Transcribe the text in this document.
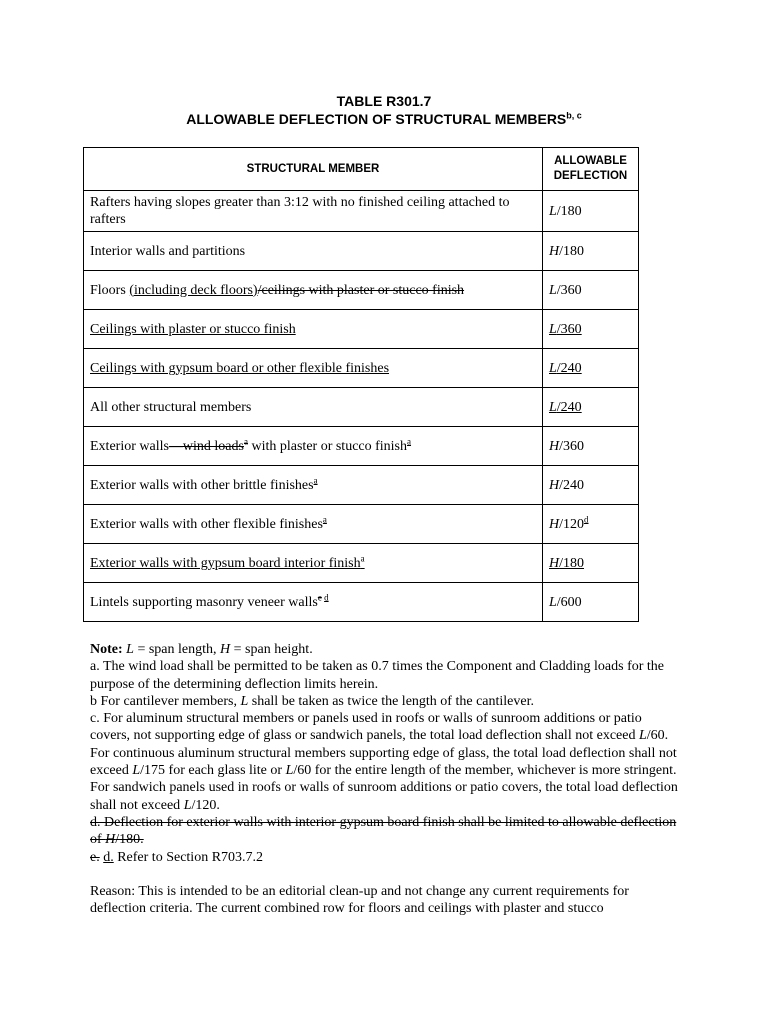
TABLE R301.7
ALLOWABLE DEFLECTION OF STRUCTURAL MEMBERS$^{b, c}$
STRUCTURAL MEMBER	ALLOWABLE
DEFLECTION
Rafters having slopes greater than 3:12 with no finished ceiling attached to rafters	L/180
Interior walls and partitions	H/180
Floors (including deck floors)/ceilings with plaster or stucco finish	L/360
Ceilings with plaster or stucco finish	L/360
Ceilings with gypsum board or other flexible finishes	L/240
All other structural members	L/240
Exterior walls—wind loads$^a$ with plaster or stucco finish$^a$	H/360
Exterior walls with other brittle finishes$^a$	H/240
Exterior walls with other flexible finishes$^a$	H/120$^d$
Exterior walls with gypsum board interior finish$^a$	H/180
Lintels supporting masonry veneer walls$^{e d}$	L/600

Note: L = span length, H = span height.

a. The wind load shall be permitted to be taken as 0.7 times the Component and Cladding loads for the purpose of the determining deflection limits herein.

b For cantilever members, L shall be taken as twice the length of the cantilever.

c. For aluminum structural members or panels used in roofs or walls of sunroom additions or patio covers, not supporting edge of glass or sandwich panels, the total load deflection shall not exceed L/60. For continuous aluminum structural members supporting edge of glass, the total load deflection shall not exceed L/175 for each glass lite or L/60 for the entire length of the member, whichever is more stringent. For sandwich panels used in roofs or walls of sunroom additions or patio covers, the total load deflection shall not exceed L/120.

d. Deflection for exterior walls with interior gypsum board finish shall be limited to allowable deflection of H/180.

e. d. Refer to Section R703.7.2

Reason: This is intended to be an editorial clean-up and not change any current requirements for deflection criteria. The current combined row for floors and ceilings with plaster and stucco
